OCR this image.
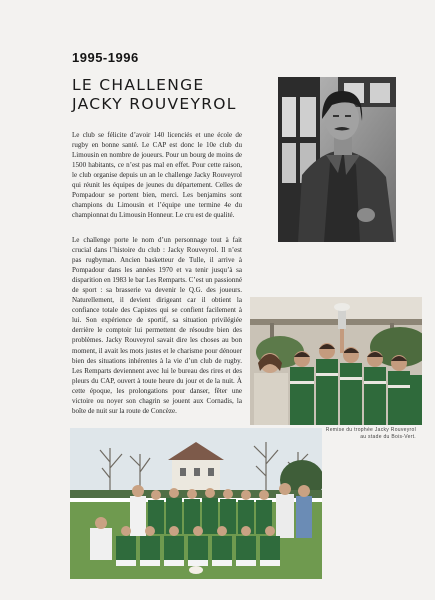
1995-1996
LE CHALLENGE
JACKY ROUVEYROL

Le club se félicite d’avoir 140 licenciés et une école de rugby en bonne santé. Le CAP est donc le 10e club du Limousin en nombre de joueurs. Pour un bourg de moins de 1500 habitants, ce n’est pas mal en effet. Pour cette raison, le club organise depuis un an le challenge Jacky Rouveyrol qui réunit les équipes de jeunes du département. Celles de Pompadour se portent bien, merci. Les benjamins sont champions du Limousin et l’équipe une termine 4e du championnat du Limousin Honneur. Le cru est de qualité.

Le challenge porte le nom d’un personnage tout à fait crucial dans l’histoire du club : Jacky Rouveyrol. Il n’est pas rugbyman. Ancien basketteur de Tulle, il arrive à Pompadour dans les années 1970 et va tenir jusqu’à sa disparition en 1983 le bar Les Remparts. C’est un passionné de sport : sa brasserie va devenir le Q.G. des joueurs. Naturellement, il devient dirigeant car il obtient la confiance totale des Capistes qui se confient facilement à lui. Son expérience de sportif, sa situation privilégiée derrière le comptoir lui permettent de résoudre bien des problèmes. Jacky Rouveyrol savait dire les choses au bon moment, il avait les mots justes et le charisme pour dénouer bien des situations inhérentes à la vie d’un club de rugby. Les Remparts deviennent avec lui le bureau des rires et des pleurs du CAP, ouvert à toute heure du jour et de la nuit. À cette époque, les prolongations pour danser, fêter une victoire ou noyer son chagrin se jouent aux Cornadis, la boîte de nuit sur la route de Concèze.

Remise du trophée Jacky Rouveyrol
au stade du Bois-Vert.
